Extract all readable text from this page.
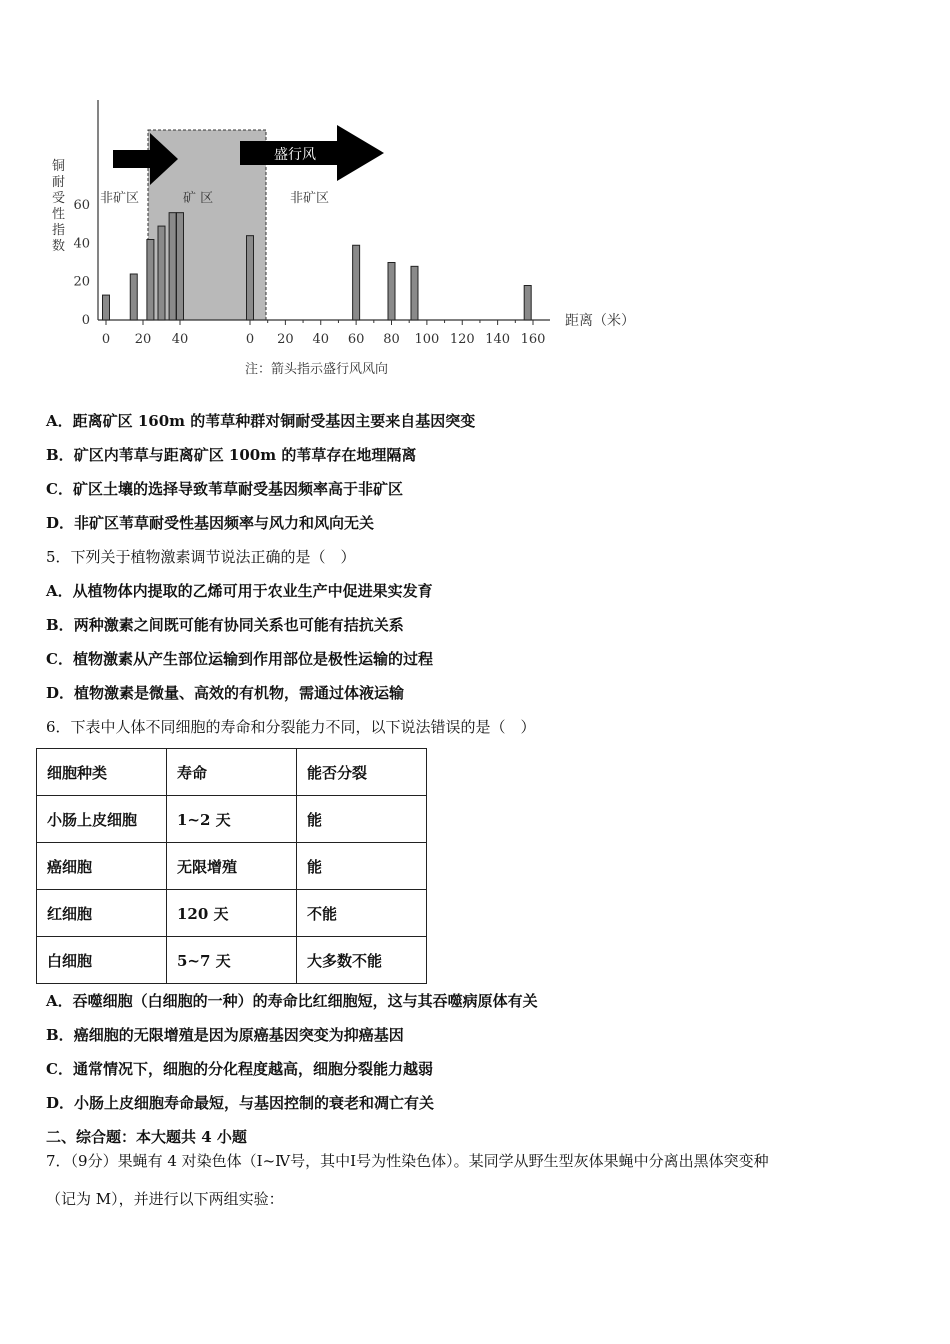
盛行风
非矿区	矿 区	非矿区
铜
耐
受
性
指
数
0
20
40
60
0 20 40	0 20 40 60 80 100 120 140 160
距离（米）
注：箭头指示盛行风风向
A．距离矿区 160m 的苇草种群对铜耐受基因主要来自基因突变
B．矿区内苇草与距离矿区 100m 的苇草存在地理隔离
C．矿区土壤的选择导致苇草耐受基因频率高于非矿区
D．非矿区苇草耐受性基因频率与风力和风向无关
5．下列关于植物激素调节说法正确的是（　）
A．从植物体内提取的乙烯可用于农业生产中促进果实发育
B．两种激素之间既可能有协同关系也可能有拮抗关系
C．植物激素从产生部位运输到作用部位是极性运输的过程
D．植物激素是微量、高效的有机物，需通过体液运输
6．下表中人体不同细胞的寿命和分裂能力不同，以下说法错误的是（　）
细胞种类	寿命	能否分裂
小肠上皮细胞	1~2 天	能
癌细胞	无限增殖	能
红细胞	120 天	不能
白细胞	5~7 天	大多数不能
A．吞噬细胞（白细胞的一种）的寿命比红细胞短，这与其吞噬病原体有关
B．癌细胞的无限增殖是因为原癌基因突变为抑癌基因
C．通常情况下，细胞的分化程度越高，细胞分裂能力越弱
D．小肠上皮细胞寿命最短，与基因控制的衰老和凋亡有关
二、综合题：本大题共 4 小题
7．（9分）果蝇有 4 对染色体（Ⅰ~Ⅳ号，其中Ⅰ号为性染色体）。某同学从野生型灰体果蝇中分离出黑体突变种
（记为 M），并进行以下两组实验：
